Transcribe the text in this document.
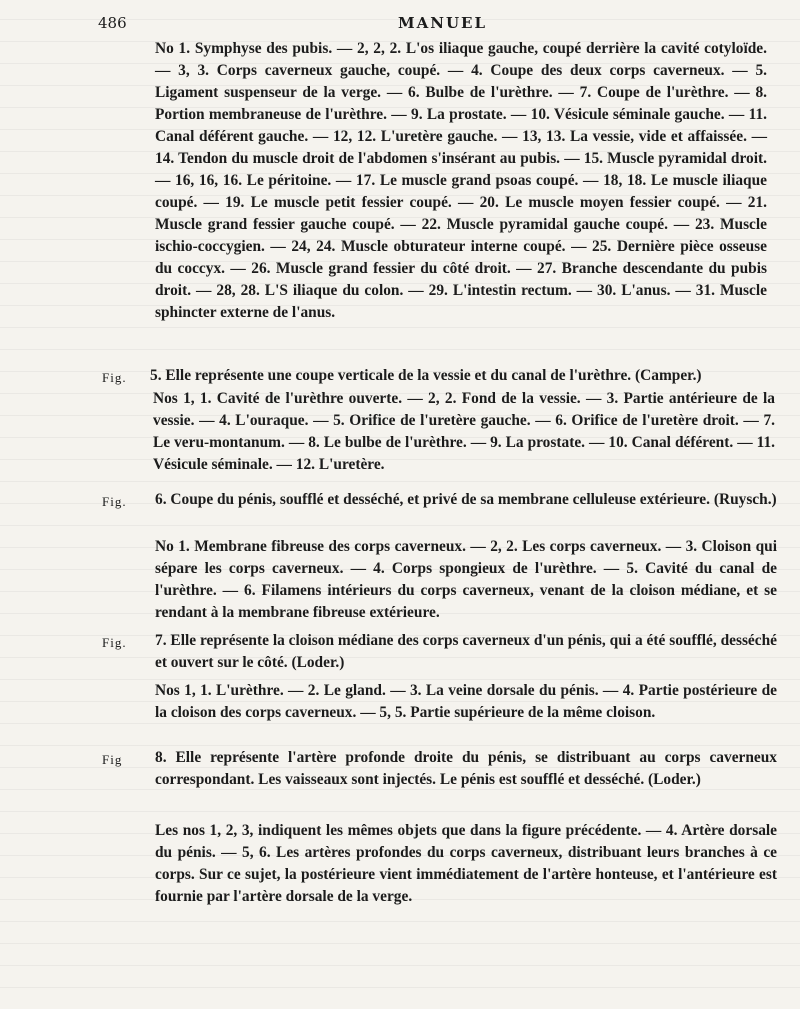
486	MANUEL

No 1. Symphyse des pubis. — 2, 2, 2. L'os iliaque gauche, coupé derrière la cavité cotyloïde. — 3, 3. Corps caverneux gauche, coupé. — 4. Coupe des deux corps caverneux. — 5. Ligament suspenseur de la verge. — 6. Bulbe de l'urèthre. — 7. Coupe de l'urèthre. — 8. Portion membraneuse de l'urèthre. — 9. La prostate. — 10. Vésicule séminale gauche. — 11. Canal déférent gauche. — 12, 12. L'uretère gauche. — 13, 13. La vessie, vide et affaissée. — 14. Tendon du muscle droit de l'abdomen s'insérant au pubis. — 15. Muscle pyramidal droit. — 16, 16, 16. Le péritoine. — 17. Le muscle grand psoas coupé. — 18, 18. Le muscle iliaque coupé. — 19. Le muscle petit fessier coupé. — 20. Le muscle moyen fessier coupé. — 21. Muscle grand fessier gauche coupé. — 22. Muscle pyramidal gauche coupé. — 23. Muscle ischio-coccygien. — 24, 24. Muscle obturateur interne coupé. — 25. Dernière pièce osseuse du coccyx. — 26. Muscle grand fessier du côté droit. — 27. Branche descendante du pubis droit. — 28, 28. L'S iliaque du colon. — 29. L'intestin rectum. — 30. L'anus. — 31. Muscle sphincter externe de l'anus.

Fig. 5. Elle représente une coupe verticale de la vessie et du canal de l'urèthre. (Camper.)

Nos 1, 1. Cavité de l'urèthre ouverte. — 2, 2. Fond de la vessie. — 3. Partie antérieure de la vessie. — 4. L'ouraque. — 5. Orifice de l'uretère gauche. — 6. Orifice de l'uretère droit. — 7. Le veru-montanum. — 8. Le bulbe de l'urèthre. — 9. La prostate. — 10. Canal déférent. — 11. Vésicule séminale. — 12. L'uretère.

Fig. 6. Coupe du pénis, soufflé et desséché, et privé de sa membrane celluleuse extérieure. (Ruysch.)

No 1. Membrane fibreuse des corps caverneux. — 2, 2. Les corps caverneux. — 3. Cloison qui sépare les corps caverneux. — 4. Corps spongieux de l'urèthre. — 5. Cavité du canal de l'urèthre. — 6. Filamens intérieurs du corps caverneux, venant de la cloison médiane, et se rendant à la membrane fibreuse extérieure.

Fig. 7. Elle représente la cloison médiane des corps caverneux d'un pénis, qui a été soufflé, desséché et ouvert sur le côté. (Loder.)

Nos 1, 1. L'urèthre. — 2. Le gland. — 3. La veine dorsale du pénis. — 4. Partie postérieure de la cloison des corps caverneux. — 5, 5. Partie supérieure de la même cloison.

Fig 8. Elle représente l'artère profonde droite du pénis, se distribuant au corps caverneux correspondant. Les vaisseaux sont injectés. Le pénis est soufflé et desséché. (Loder.)

Les nos 1, 2, 3, indiquent les mêmes objets que dans la figure précédente. — 4. Artère dorsale du pénis. — 5, 6. Les artères profondes du corps caverneux, distribuant leurs branches à ce corps. Sur ce sujet, la postérieure vient immédiatement de l'artère honteuse, et l'antérieure est fournie par l'artère dorsale de la verge.
